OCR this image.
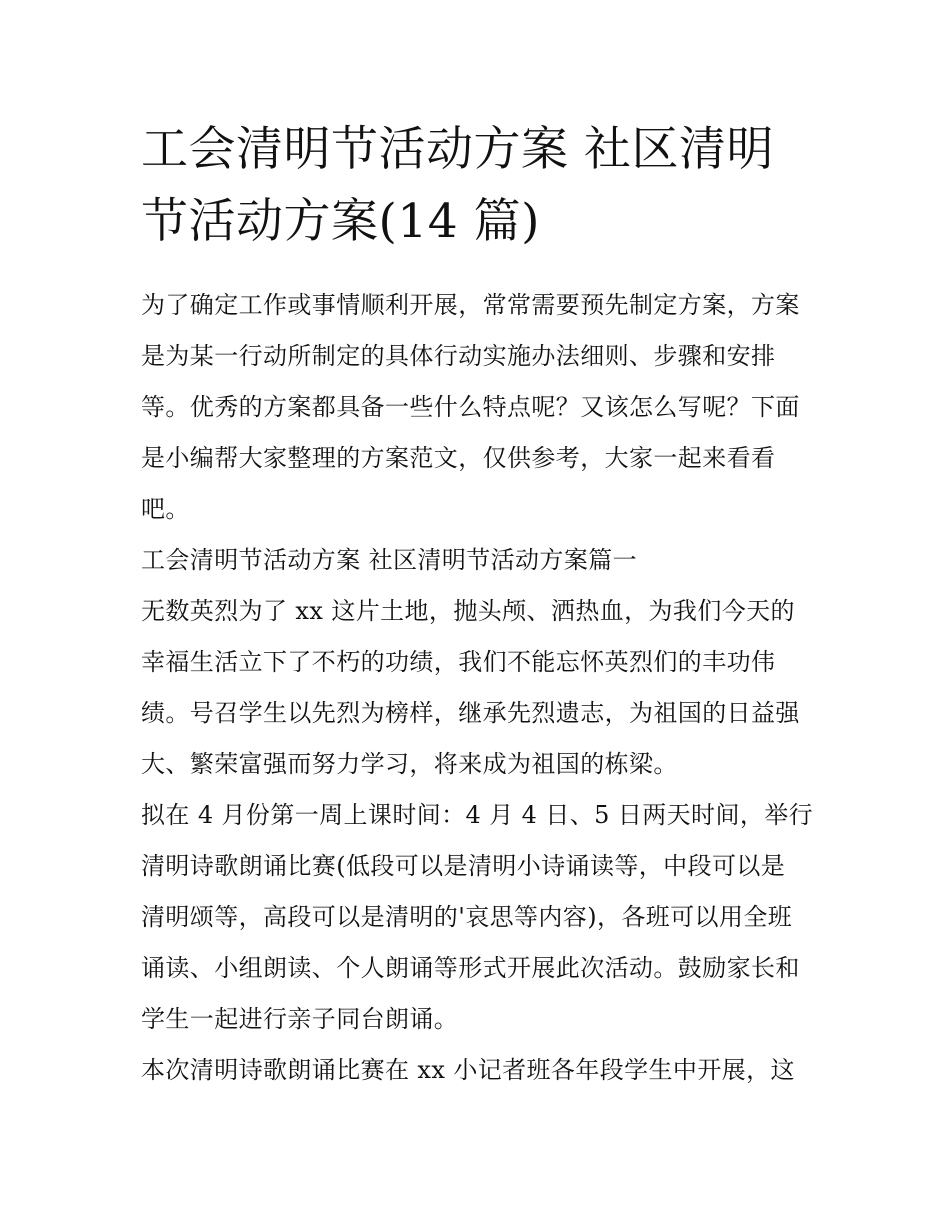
工会清明节活动方案 社区清明
节活动方案(14 篇)
为了确定工作或事情顺利开展，常常需要预先制定方案，方案
是为某一行动所制定的具体行动实施办法细则、步骤和安排
等。优秀的方案都具备一些什么特点呢？又该怎么写呢？下面
是小编帮大家整理的方案范文，仅供参考，大家一起来看看
吧。
工会清明节活动方案 社区清明节活动方案篇一
无数英烈为了 xx 这片土地，抛头颅、洒热血，为我们今天的
幸福生活立下了不朽的功绩，我们不能忘怀英烈们的丰功伟
绩。号召学生以先烈为榜样，继承先烈遗志，为祖国的日益强
大、繁荣富强而努力学习，将来成为祖国的栋梁。
拟在 4 月份第一周上课时间：4 月 4 日、5 日两天时间，举行
清明诗歌朗诵比赛(低段可以是清明小诗诵读等，中段可以是
清明颂等，高段可以是清明的'哀思等内容)，各班可以用全班
诵读、小组朗读、个人朗诵等形式开展此次活动。鼓励家长和
学生一起进行亲子同台朗诵。
本次清明诗歌朗诵比赛在 xx 小记者班各年段学生中开展，这
